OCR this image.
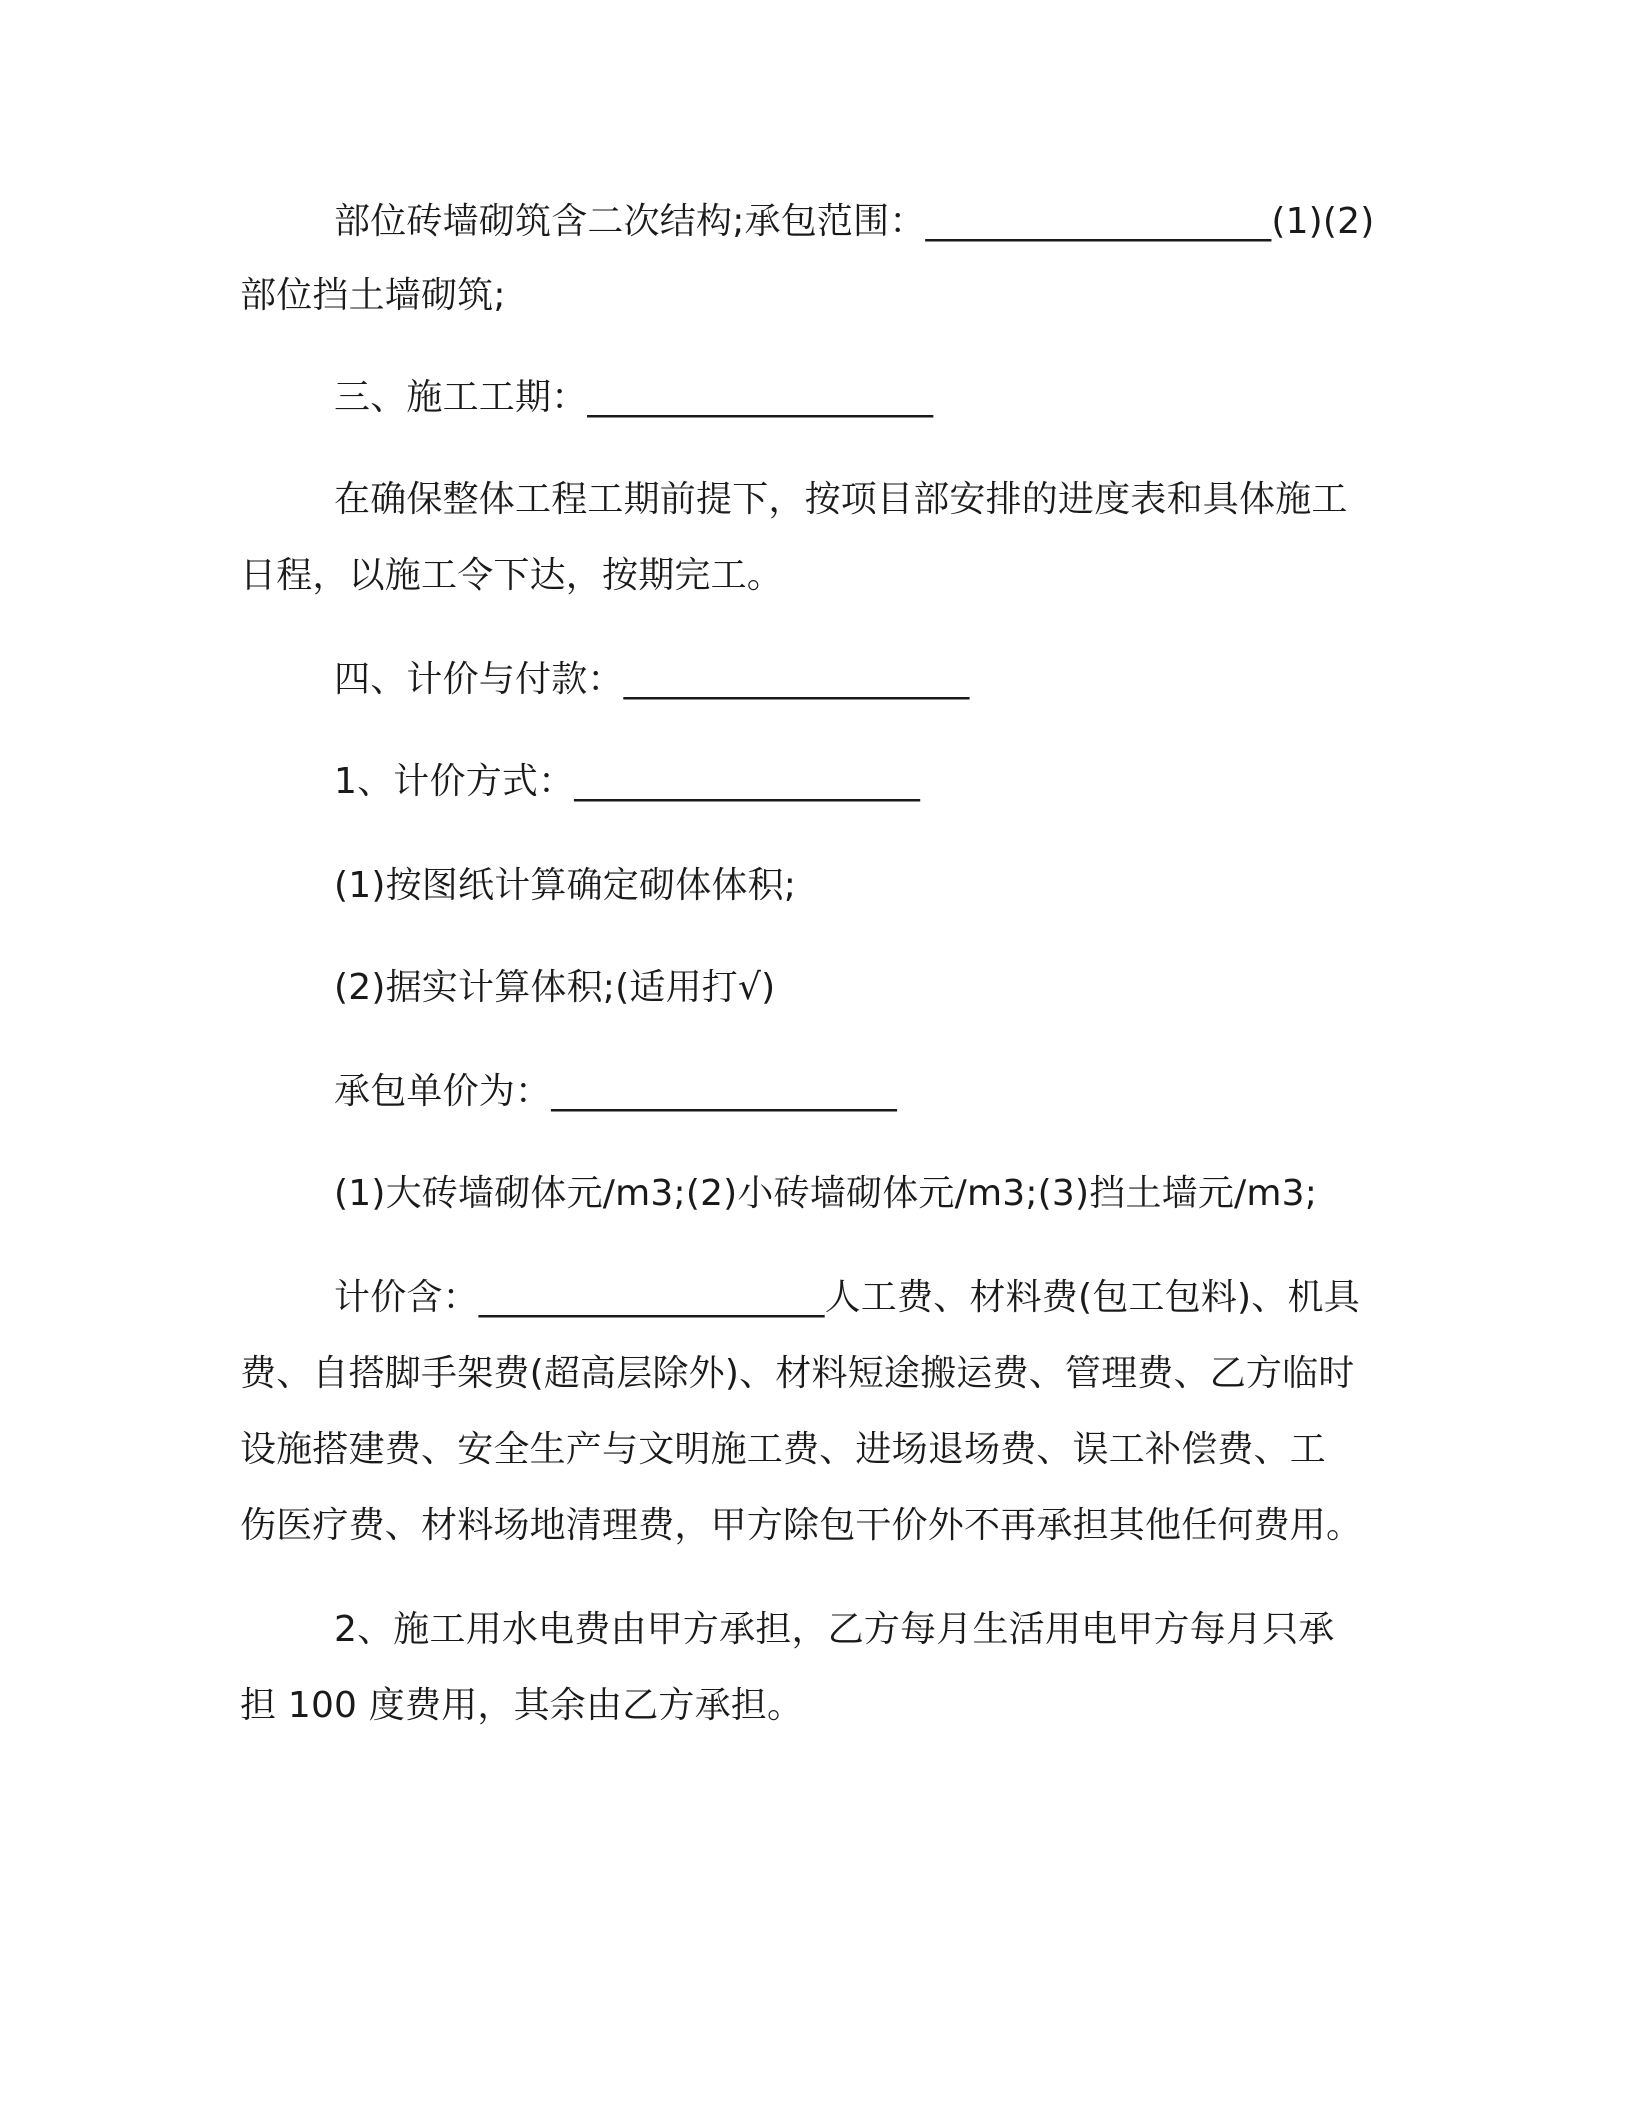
部位砖墙砌筑含二次结构;承包范围：___________________(1)(2)
部位挡土墙砌筑;
三、施工工期：___________________
在确保整体工程工期前提下，按项目部安排的进度表和具体施工
日程，以施工令下达，按期完工。
四、计价与付款：___________________
1、计价方式：___________________
(1)按图纸计算确定砌体体积;
(2)据实计算体积;(适用打√)
承包单价为：___________________
(1)大砖墙砌体元/m3;(2)小砖墙砌体元/m3;(3)挡土墙元/m3;
计价含：___________________人工费、材料费(包工包料)、机具
费、自搭脚手架费(超高层除外)、材料短途搬运费、管理费、乙方临时
设施搭建费、安全生产与文明施工费、进场退场费、误工补偿费、工
伤医疗费、材料场地清理费，甲方除包干价外不再承担其他任何费用。
2、施工用水电费由甲方承担，乙方每月生活用电甲方每月只承
担 100 度费用，其余由乙方承担。
